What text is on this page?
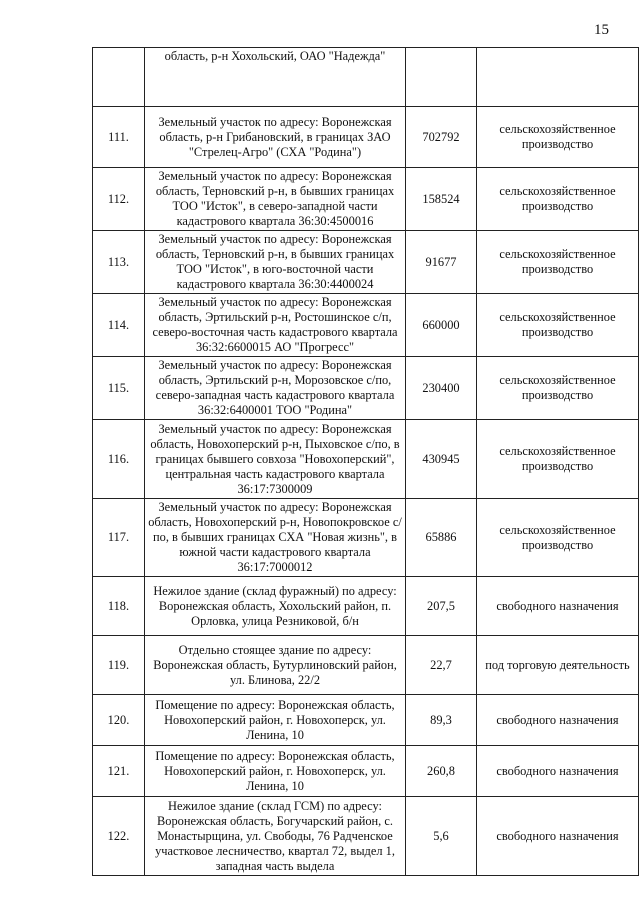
15
	область, р-н Хохольский, ОАО "Надежда"		
111.	Земельный участок по адресу: Воронежская область, р-н Грибановский, в границах ЗАО "Стрелец-Агро" (СХА "Родина")	702792	сельскохозяйственное производство
112.	Земельный участок по адресу: Воронежская область, Терновский р-н, в бывших границах ТОО "Исток", в северо-западной части кадастрового квартала 36:30:4500016	158524	сельскохозяйственное производство
113.	Земельный участок по адресу: Воронежская область, Терновский р-н, в бывших границах ТОО "Исток", в юго-восточной части кадастрового квартала 36:30:4400024	91677	сельскохозяйственное производство
114.	Земельный участок по адресу: Воронежская область, Эртильский р-н, Ростошинское с/п, северо-восточная часть кадастрового квартала 36:32:6600015 АО "Прогресс"	660000	сельскохозяйственное производство
115.	Земельный участок по адресу: Воронежская область, Эртильский р-н, Морозовское с/по, северо-западная часть кадастрового квартала 36:32:6400001 ТОО "Родина"	230400	сельскохозяйственное производство
116.	Земельный участок по адресу: Воронежская область, Новохоперский р-н, Пыховское с/по, в границах бывшего совхоза "Новохоперский", центральная часть кадастрового квартала 36:17:7300009	430945	сельскохозяйственное производство
117.	Земельный участок по адресу: Воронежская область, Новохоперский р-н, Новопокровское с/по, в бывших границах СХА "Новая жизнь", в южной части кадастрового квартала 36:17:7000012	65886	сельскохозяйственное производство
118.	Нежилое здание (склад фуражный) по адресу: Воронежская область, Хохольский район, п. Орловка, улица Резниковой, б/н	207,5	свободного назначения
119.	Отдельно стоящее здание по адресу: Воронежская область, Бутурлиновский район, ул. Блинова, 22/2	22,7	под торговую деятельность
120.	Помещение по адресу: Воронежская область, Новохоперский район, г. Новохоперск, ул. Ленина, 10	89,3	свободного назначения
121.	Помещение по адресу: Воронежская область, Новохоперский район, г. Новохоперск, ул. Ленина, 10	260,8	свободного назначения
122.	Нежилое здание (склад ГСМ) по адресу: Воронежская область, Богучарский район, с. Монастырщина, ул. Свободы, 76 Радченское участковое лесничество, квартал 72, выдел 1, западная часть выдела	5,6	свободного назначения
